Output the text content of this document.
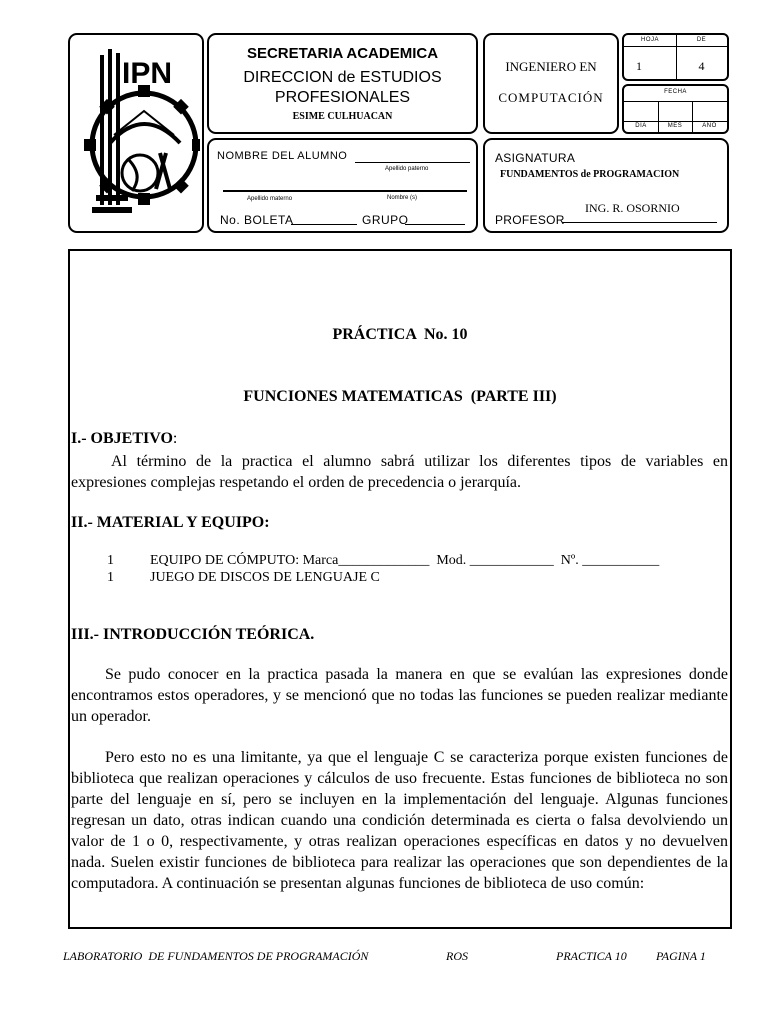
IPN
SECRETARIA ACADEMICA
DIRECCION de ESTUDIOS
PROFESIONALES
ESIME CULHUACAN
INGENIERO EN
COMPUTACIÓN
HOJA	DE
1	4
FECHA
DIA	MES	AÑO
NOMBRE DEL ALUMNO
Apellido paterno
Apellido materno	Nombre (s)
No. BOLETA	GRUPO
ASIGNATURA
FUNDAMENTOS de PROGRAMACION
ING. R. OSORNIO
PROFESOR
PRÁCTICA  No. 10
FUNCIONES MATEMATICAS  (PARTE III)
I.- OBJETIVO:

Al término de la practica el alumno sabrá utilizar los diferentes tipos de variables en expresiones complejas respetando el orden de precedencia o jerarquía.

II.- MATERIAL Y EQUIPO:
1	EQUIPO DE CÓMPUTO: Marca_____________  Mod. ____________  Nº. ___________
1	JUEGO DE DISCOS DE LENGUAJE C
III.- INTRODUCCIÓN TEÓRICA.

Se pudo conocer en la practica pasada la manera en que se evalúan las expresiones donde encontramos estos operadores, y se mencionó que no todas las funciones se pueden realizar mediante un operador.

Pero esto no es una limitante, ya que el lenguaje C se caracteriza porque existen funciones de biblioteca que realizan operaciones y cálculos de uso frecuente. Estas funciones de biblioteca no son parte del lenguaje en sí, pero se incluyen en la implementación del lenguaje. Algunas funciones regresan un dato, otras indican cuando una condición determinada es cierta o falsa devolviendo un valor de 1 o 0, respectivamente, y otras realizan operaciones específicas en datos y no devuelven nada. Suelen existir funciones de biblioteca para realizar las operaciones que son dependientes de la computadora. A continuación se presentan algunas funciones de biblioteca de uso común:

LABORATORIO  DE FUNDAMENTOS DE PROGRAMACIÓN	ROS	PRACTICA 10 PAGINA 1
